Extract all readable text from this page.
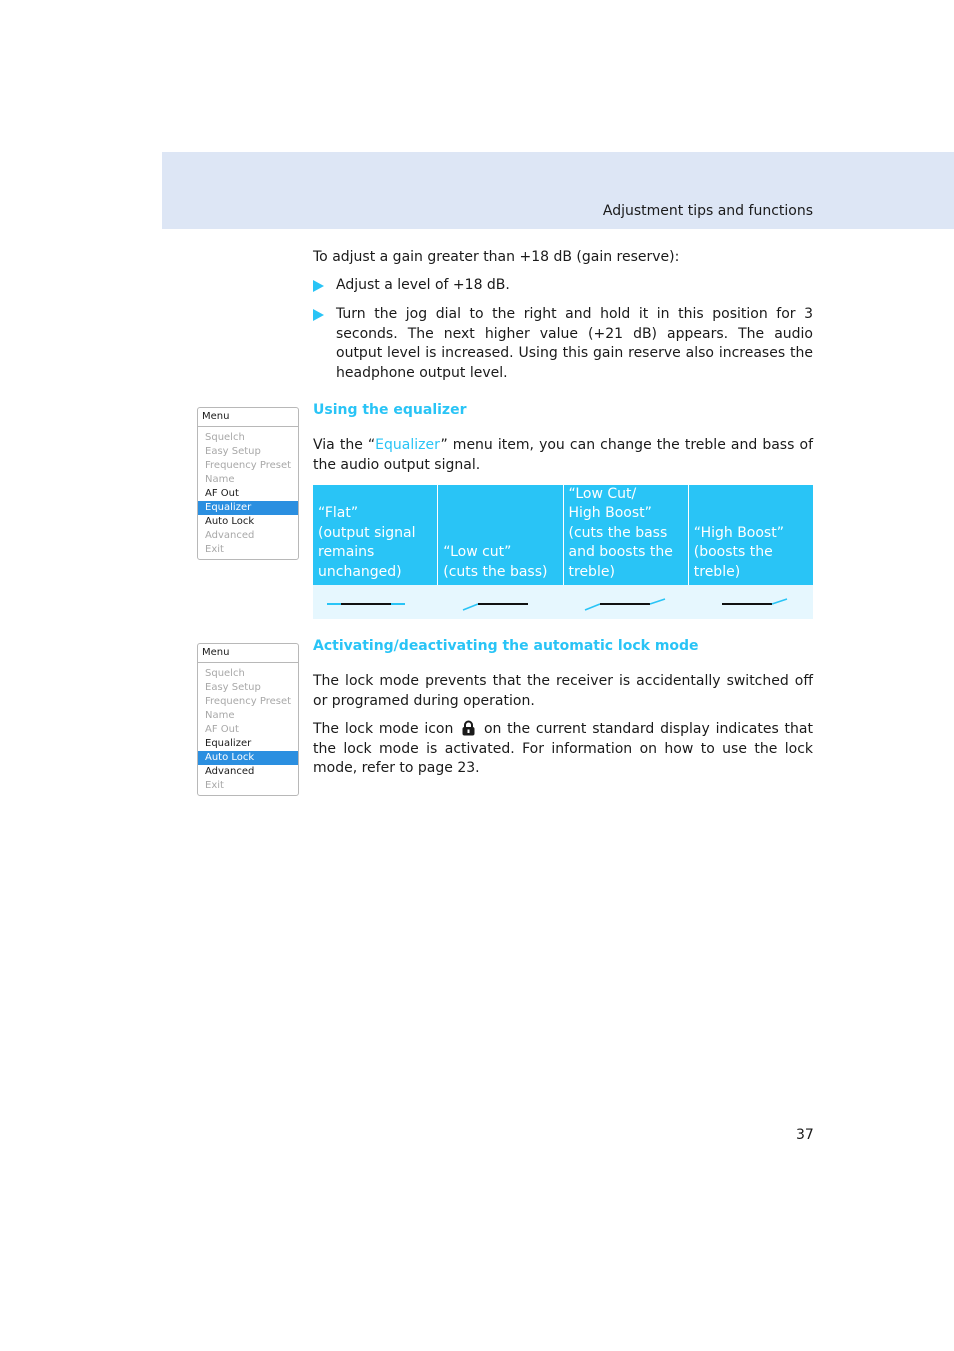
Adjustment tips and functions
To adjust a gain greater than +18 dB (gain reserve):
Adjust a level of +18 dB.
Turn the jog dial to the right and hold it in this position for 3 seconds. The next higher value (+21 dB) appears. The audio output level is increased. Using this gain reserve also increases the headphone output level.
Menu
Squelch
Easy Setup
Frequency Preset
Name
AF Out
Equalizer
Auto Lock
Advanced
Exit
Using the equalizer
Via the “Equalizer” menu item, you can change the treble and bass of the audio output signal.
“Flat”
(output signal
remains
unchanged)
“Low cut”
(cuts the bass)
“Low Cut/
High Boost”
(cuts the bass
and boosts the
treble)
“High Boost”
(boosts the
treble)
Menu
Squelch
Easy Setup
Frequency Preset
Name
AF Out
Equalizer
Auto Lock
Advanced
Exit
Activating/deactivating the automatic lock mode
The lock mode prevents that the receiver is accidentally switched off or programed during operation.
The lock mode icon on the current standard display indicates that the lock mode is activated. For information on how to use the lock mode, refer to page 23.
37
